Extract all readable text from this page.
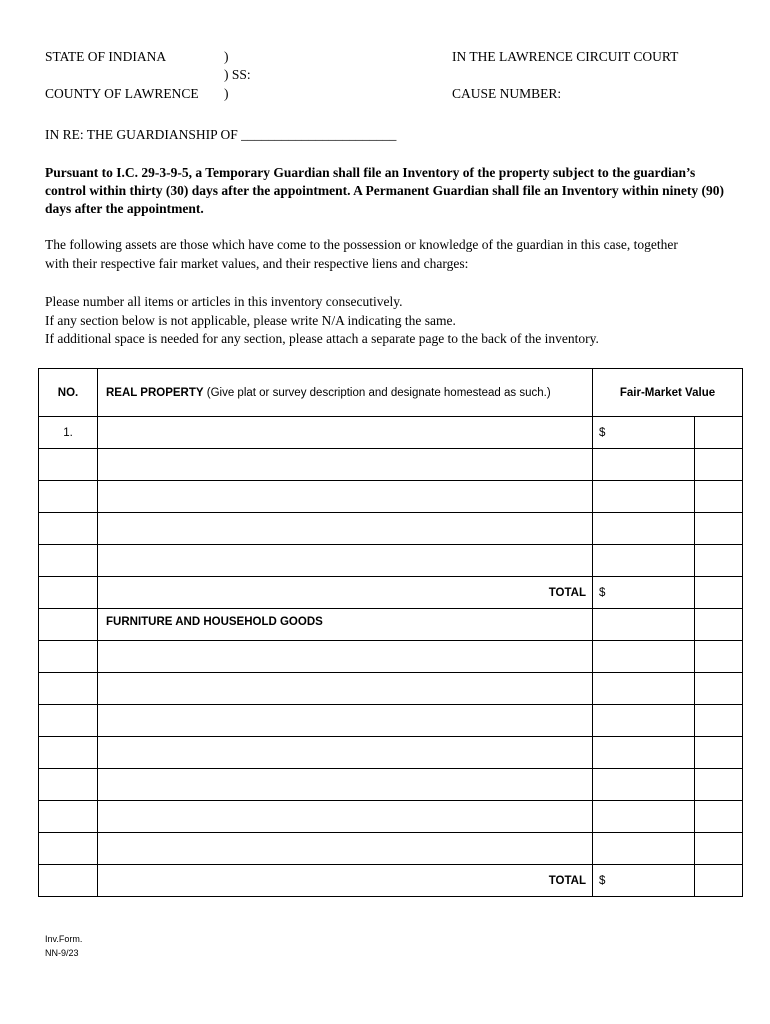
STATE OF INDIANA	)
) SS:
COUNTY OF LAWRENCE )
IN THE LAWRENCE CIRCUIT COURT
CAUSE NUMBER:
IN RE: THE GUARDIANSHIP OF _______________________
Pursuant to I.C. 29-3-9-5, a Temporary Guardian shall file an Inventory of the property subject to the guardian’s control within thirty (30) days after the appointment. A Permanent Guardian shall file an Inventory within ninety (90) days after the appointment.
The following assets are those which have come to the possession or knowledge of the guardian in this case, together
with their respective fair market values, and their respective liens and charges:
Please number all items or articles in this inventory consecutively.
If any section below is not applicable, please write N/A indicating the same.
If additional space is needed for any section, please attach a separate page to the back of the inventory.
NO.	REAL PROPERTY (Give plat or survey description and designate homestead as such.)	Fair-Market Value	
1.		$	

	TOTAL	$	
	FURNITURE AND HOUSEHOLD GOODS		

	TOTAL	$	
Inv.Form.
NN-9/23
